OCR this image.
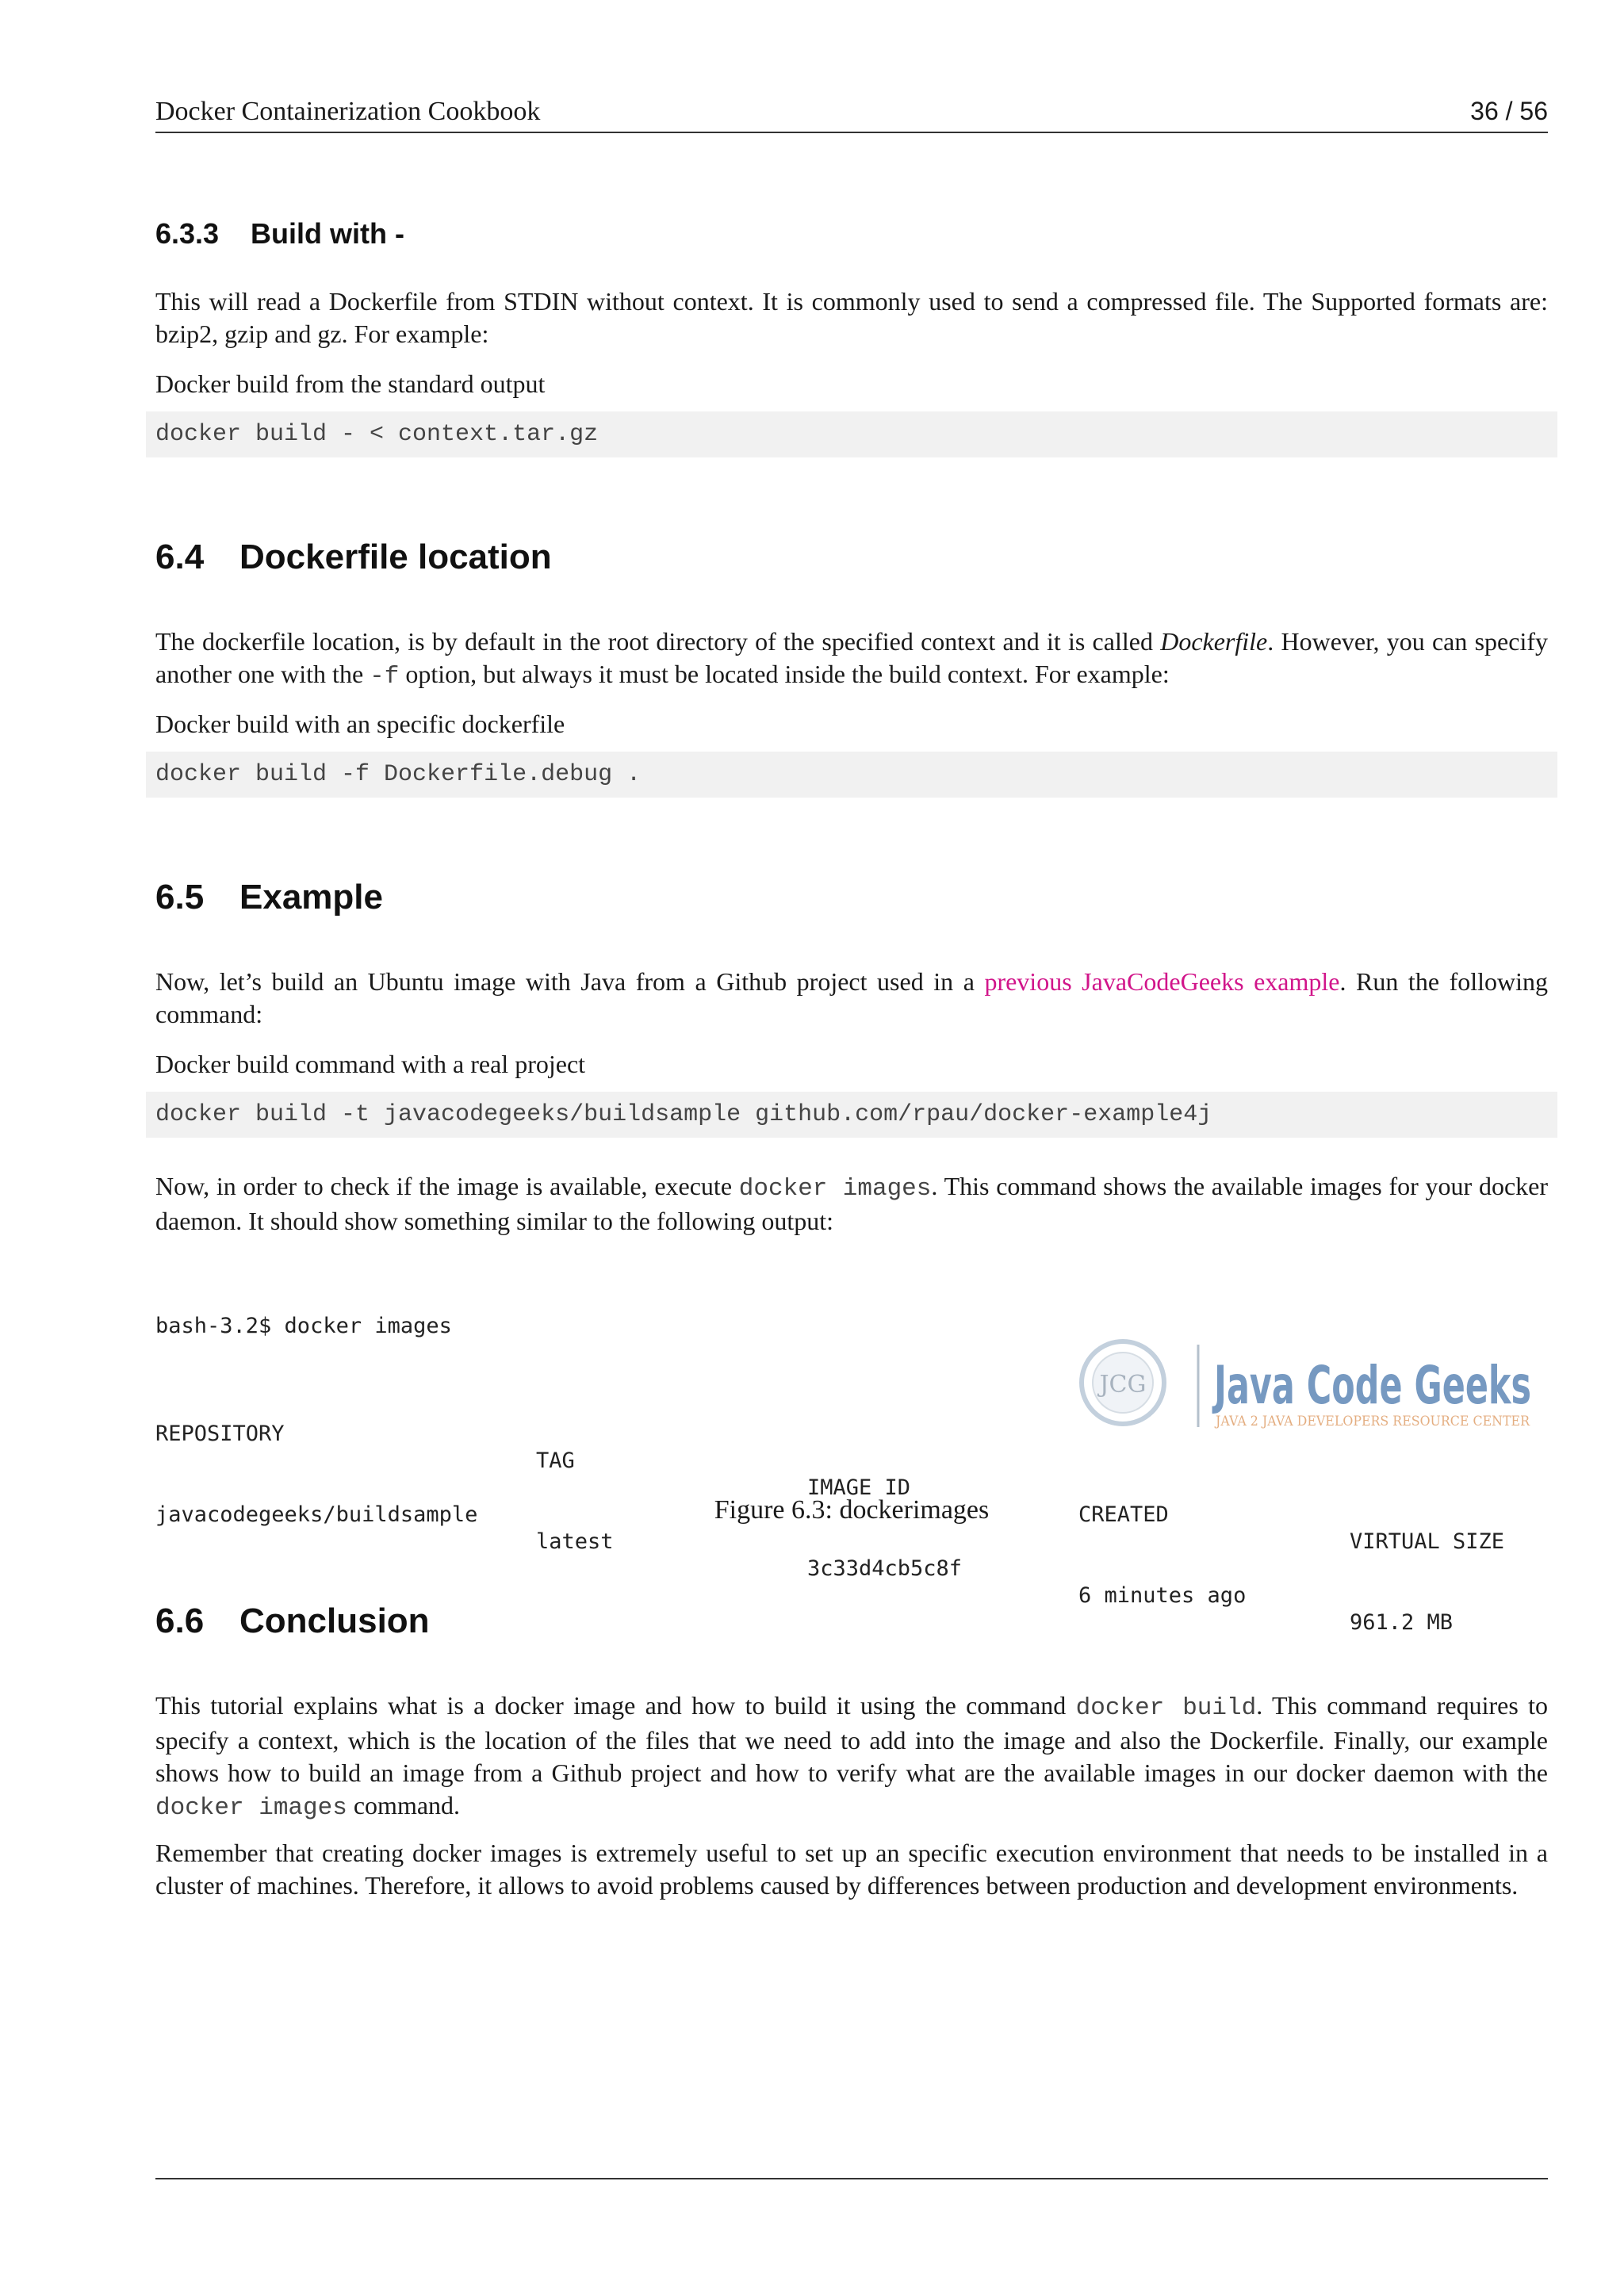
Docker Containerization Cookbook	36 / 56
6.3.3 Build with -

This will read a Dockerfile from STDIN without context. It is commonly used to send a compressed file. The Supported formats are: bzip2, gzip and gz. For example:

Docker build from the standard output
docker build - < context.tar.gz
6.4 Dockerfile location

The dockerfile location, is by default in the root directory of the specified context and it is called Dockerfile. However, you can specify another one with the -f option, but always it must be located inside the build context. For example:

Docker build with an specific dockerfile
docker build -f Dockerfile.debug .
6.5 Example

Now, let’s build an Ubuntu image with Java from a Github project used in a previous JavaCodeGeeks example. Run the following command:

Docker build command with a real project
docker build -t javacodegeeks/buildsample github.com/rpau/docker-example4j

Now, in order to check if the image is available, execute docker images. This command shows the available images for your docker daemon. It should show something similar to the following output:

bash-3.2$ docker images

REPOSITORY

TAG

IMAGE ID

CREATED

VIRTUAL SIZE

javacodegeeks/buildsample

latest

3c33d4cb5c8f

6 minutes ago

961.2 MB

JCG Java Code Geeks
JAVA 2 JAVA DEVELOPERS RESOURCE CENTER
Figure 6.3: dockerimages
6.6 Conclusion

This tutorial explains what is a docker image and how to build it using the command docker build. This command requires to specify a context, which is the location of the files that we need to add into the image and also the Dockerfile. Finally, our example shows how to build an image from a Github project and how to verify what are the available images in our docker daemon with the docker images command.

Remember that creating docker images is extremely useful to set up an specific execution environment that needs to be installed in a cluster of machines. Therefore, it allows to avoid problems caused by differences between production and development environments.
